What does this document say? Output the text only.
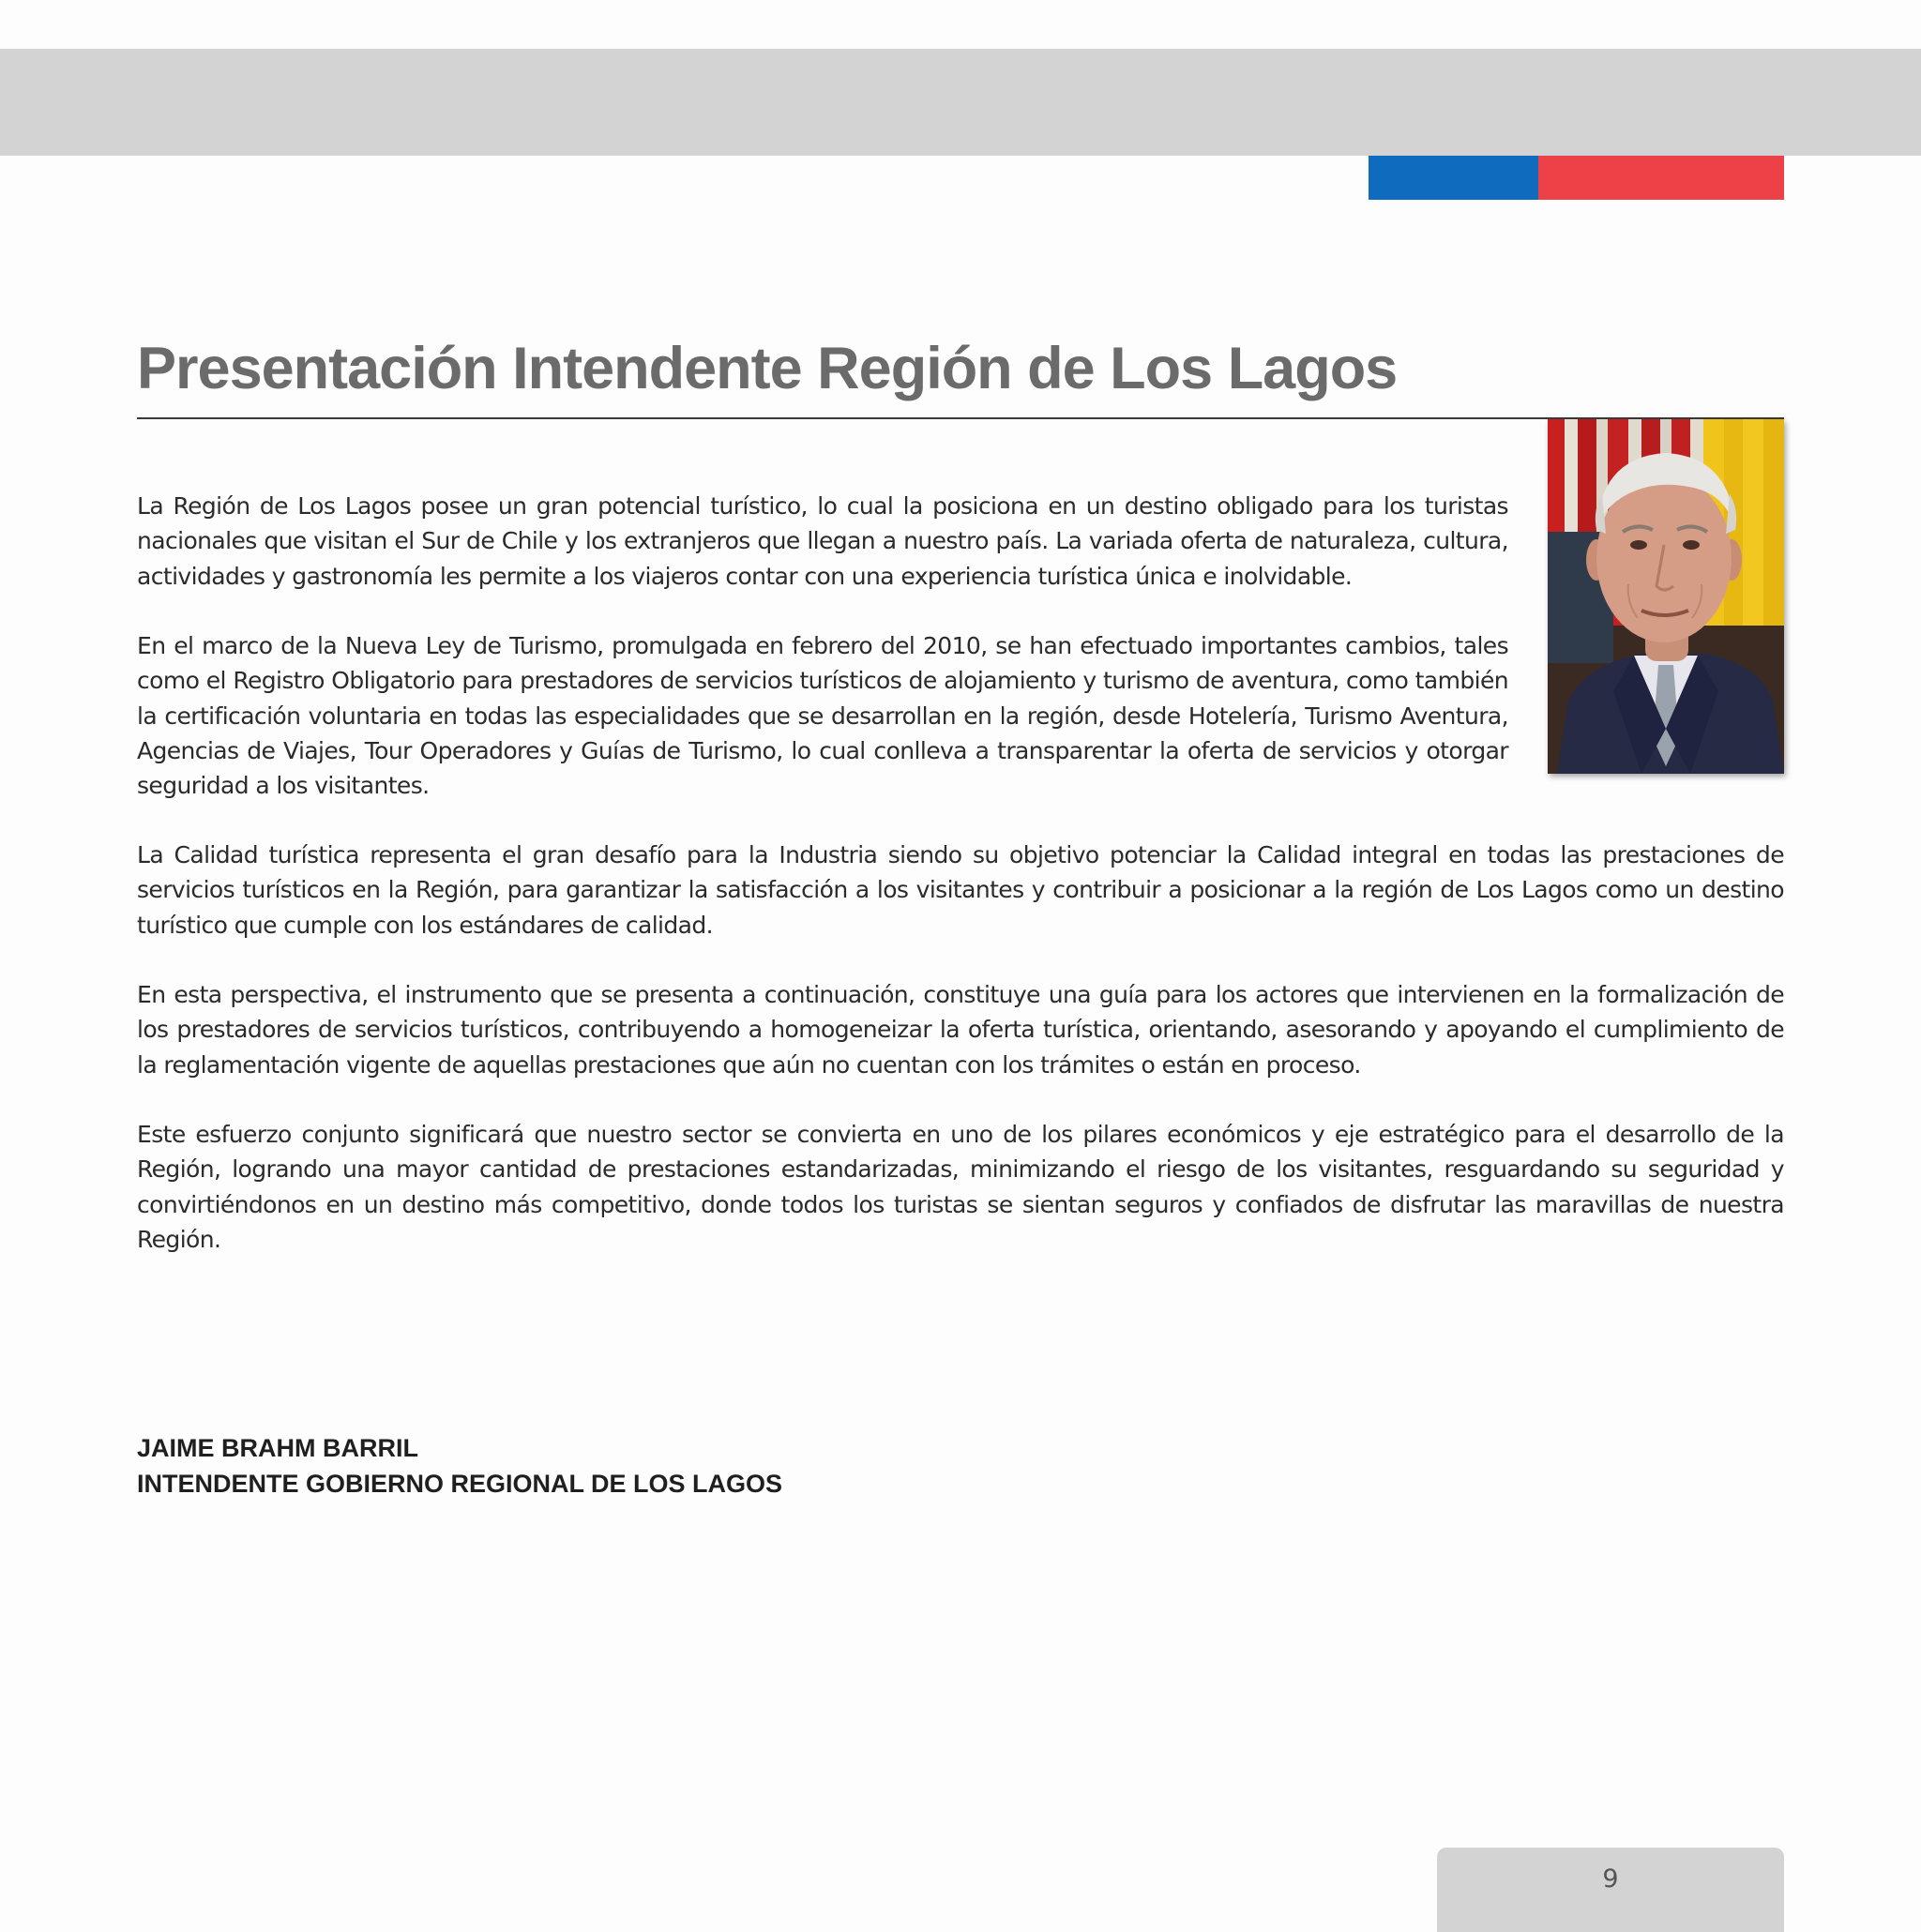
Presentación Intendente Región de Los Lagos

La Región de Los Lagos posee un gran potencial turístico, lo cual la posiciona en un destino obligado para los turistas nacionales que visitan el Sur de Chile y los extranjeros que llegan a nuestro país. La variada oferta de naturaleza, cultura, actividades y gastronomía les permite a los viajeros contar con una experiencia turística única e inolvidable.

En el marco de la Nueva Ley de Turismo, promulgada en febrero del 2010, se han efectuado importantes cambios, tales como el Registro Obligatorio para prestadores de servicios turísticos de alojamiento y turismo de aventura, como también la certificación voluntaria en todas las especialidades que se desarrollan en la región, desde Hotelería, Turismo Aventura, Agencias de Viajes, Tour Operadores y Guías de Turismo, lo cual conlleva a transparentar la oferta de servicios y otorgar seguridad a los visitantes.

La Calidad turística representa el gran desafío para la Industria siendo su objetivo potenciar la Calidad integral en todas las prestaciones de servicios turísticos en la Región, para garantizar la satisfacción a los visitantes y contribuir a posicionar a la región de Los Lagos como un destino turístico que cumple con los estándares de calidad.

En esta perspectiva, el instrumento que se presenta a continuación, constituye una guía para los actores que intervienen en la formalización de los prestadores de servicios turísticos, contribuyendo a homogeneizar la oferta turística, orientando, asesorando y apoyando el cumplimiento de la reglamentación vigente de aquellas prestaciones que aún no cuentan con los trámites o están en proceso.

Este esfuerzo conjunto significará que nuestro sector se convierta en uno de los pilares económicos y eje estratégico para el desarrollo de la Región, logrando una mayor cantidad de prestaciones estandarizadas, minimizando el riesgo de los visitantes, resguardando su seguridad y convirtiéndonos en un destino más competitivo, donde todos los turistas se sientan seguros y confiados de disfrutar las maravillas de nuestra Región.

JAIME BRAHM BARRIL
INTENDENTE GOBIERNO REGIONAL DE LOS LAGOS
9
